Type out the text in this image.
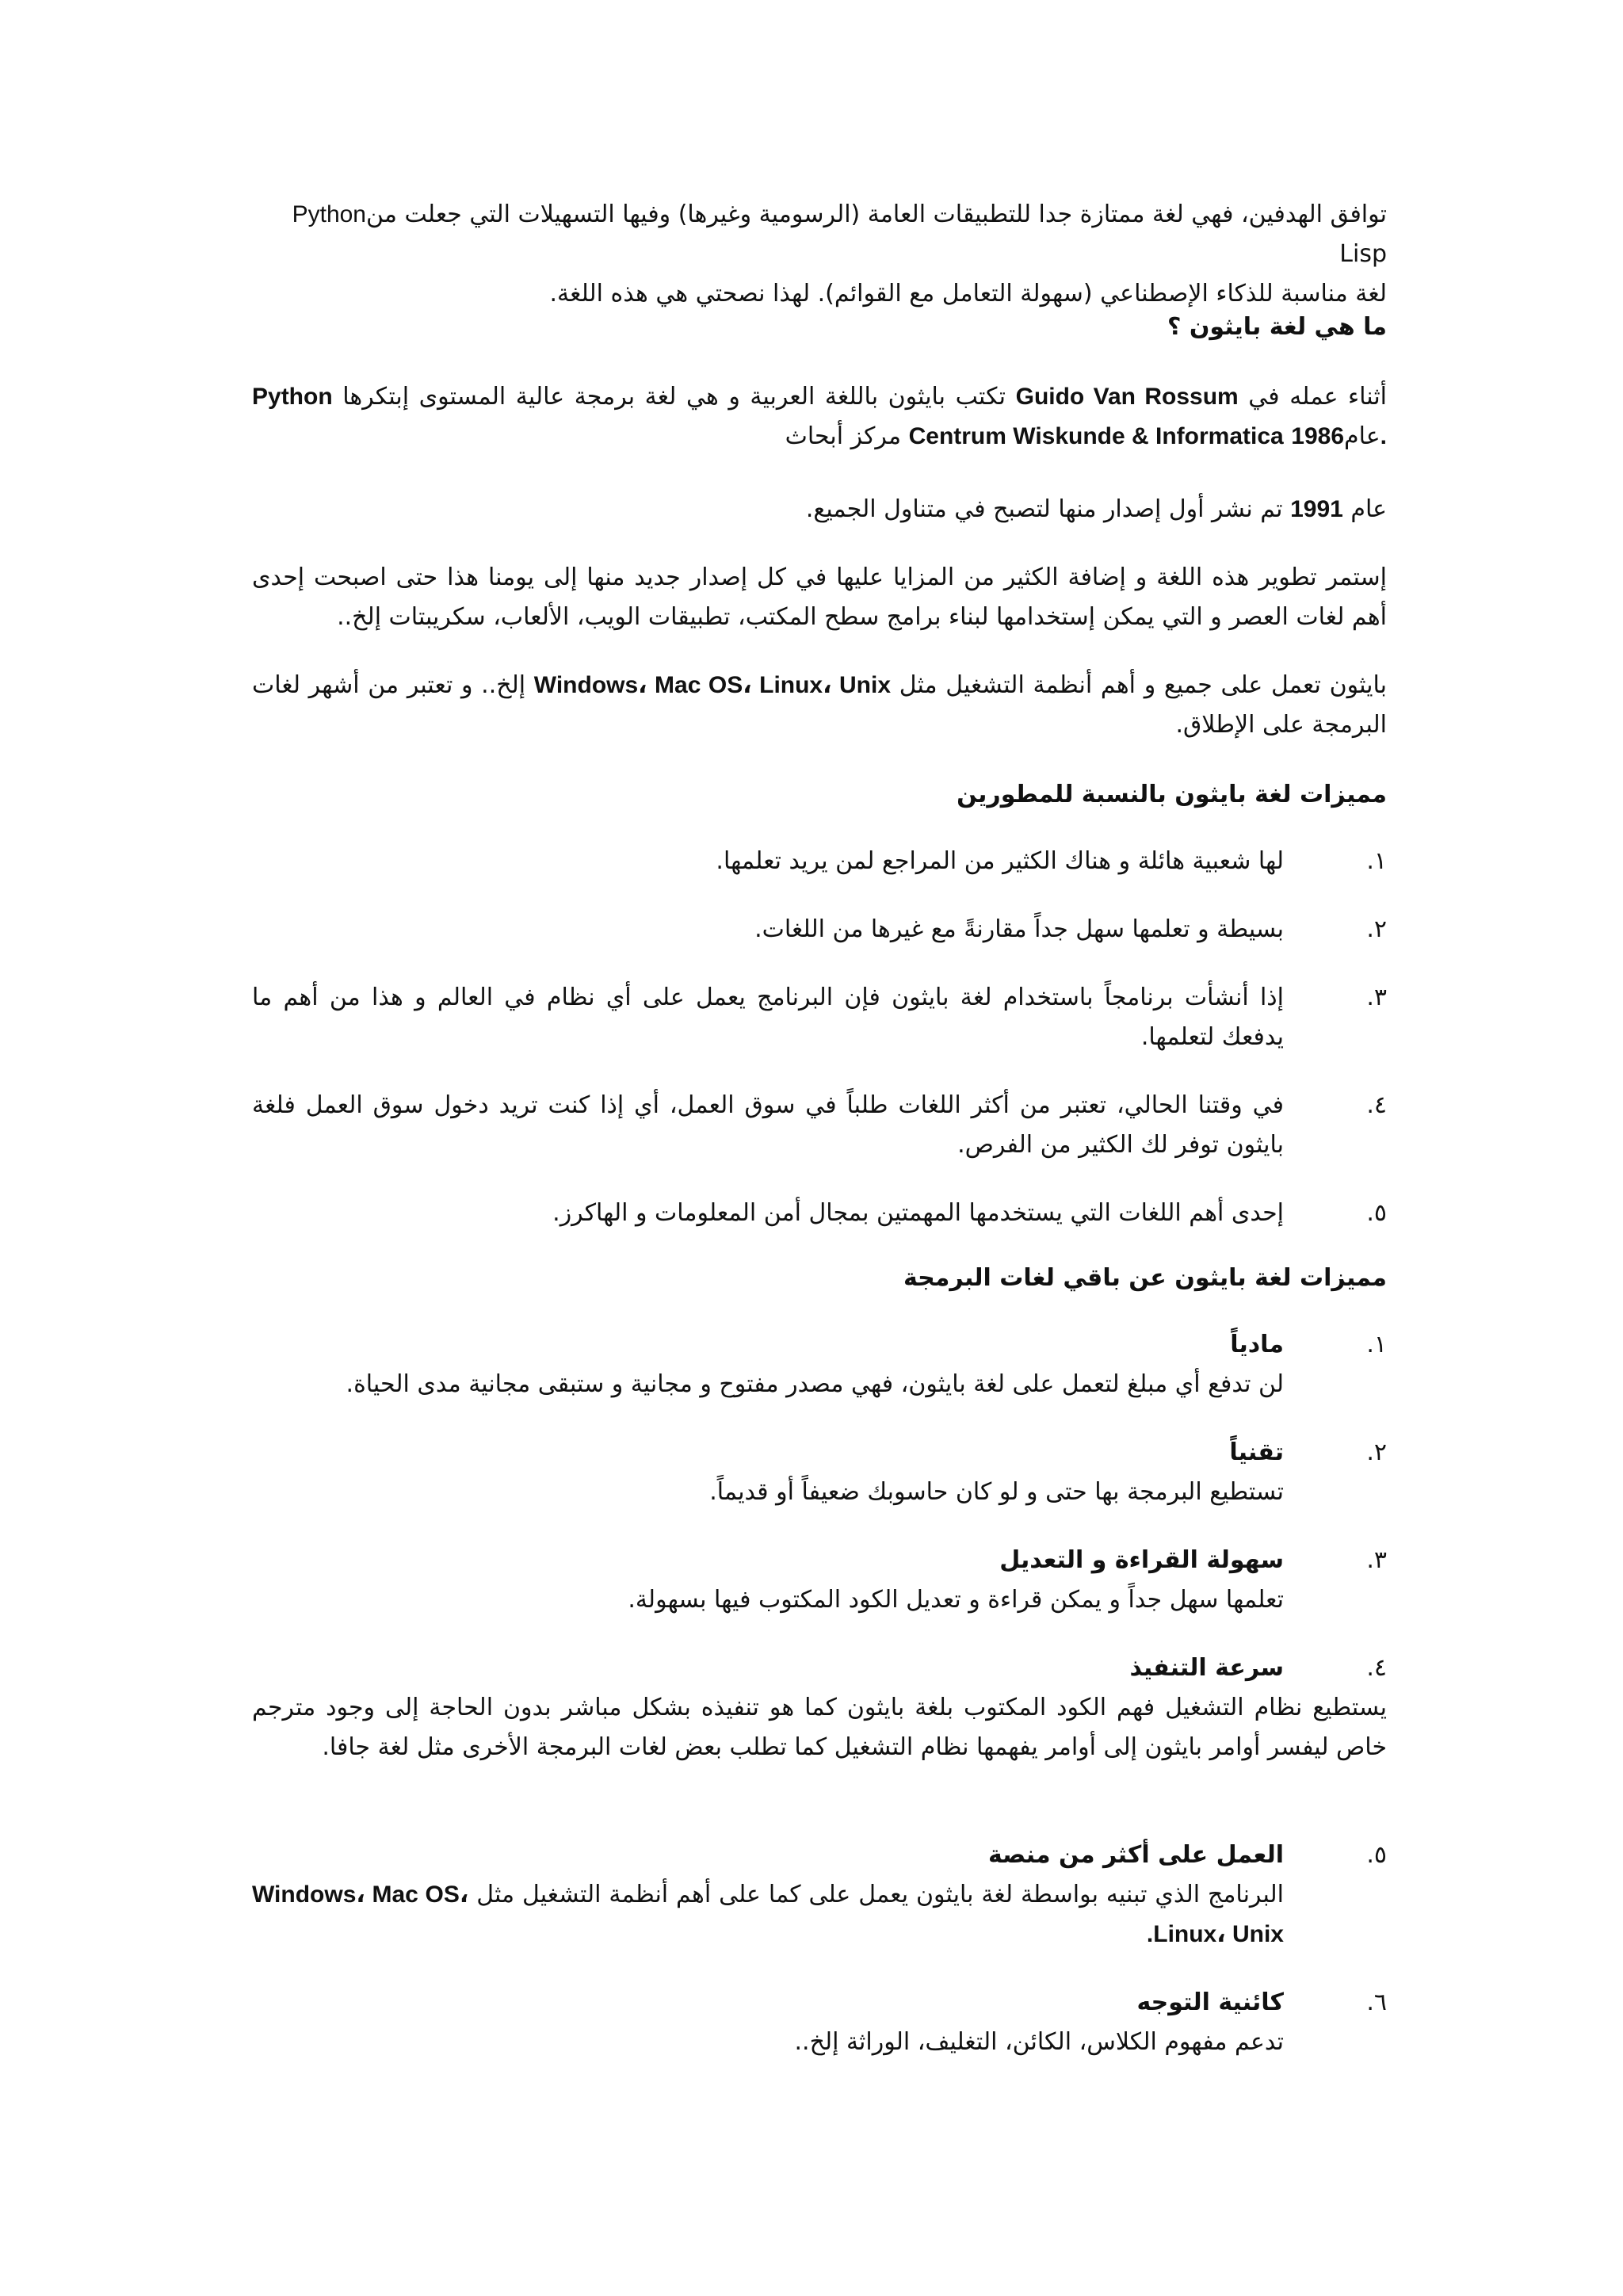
Pythonتوافق الهدفين، فهي لغة ممتازة جدا للتطبيقات العامة (الرسومية وغيرها) وفيها التسهيلات التي جعلت من Lisp
لغة مناسبة للذكاء الإصطناعي (سهولة التعامل مع القوائم). لهذا نصحتي هي هذه اللغة.
ما هي لغة بايثون ؟
Python تكتب بايثون باللغة العربية و هي لغة برمجة عالية المستوى إبتكرها Guido Van Rossum أثناء عمله في مركز أبحاث Centrum Wiskunde & Informatica	عام1986.
عام 1991 تم نشر أول إصدار منها لتصبح في متناول الجميع.
إستمر تطوير هذه اللغة و إضافة الكثير من المزايا عليها في كل إصدار جديد منها إلى يومنا هذا حتى اصبحت إحدى أهم لغات العصر و التي يمكن إستخدامها لبناء برامج سطح المكتب، تطبيقات الويب، الألعاب، سكريبتات إلخ..
بايثون تعمل على جميع و أهم أنظمة التشغيل مثل Windows، Mac OS، Linux، Unix إلخ.. و تعتبر من أشهر لغات البرمجة على الإطلاق.
مميزات لغة بايثون بالنسبة للمطورين
١.
لها شعبية هائلة و هناك الكثير من المراجع لمن يريد تعلمها.
٢.
بسيطة و تعلمها سهل جداً مقارنةً مع غيرها من اللغات.
٣.
إذا أنشأت برنامجاً باستخدام لغة بايثون فإن البرنامج يعمل على أي نظام في العالم و هذا من أهم ما يدفعك لتعلمها.
٤.
في وقتنا الحالي، تعتبر من أكثر اللغات طلباً في سوق العمل، أي إذا كنت تريد دخول سوق العمل فلغة بايثون توفر لك الكثير من الفرص.
٥.
إحدى أهم اللغات التي يستخدمها المهمتين بمجال أمن المعلومات و الهاكرز.
مميزات لغة بايثون عن باقي لغات البرمجة
١.
مادياً
لن تدفع أي مبلغ لتعمل على لغة بايثون، فهي مصدر مفتوح و مجانية و ستبقى مجانية مدى الحياة.
٢.
تقنياً
تستطيع البرمجة بها حتى و لو كان حاسوبك ضعيفاً أو قديماً.
٣.
سهولة القراءة و التعديل
تعلمها سهل جداً و يمكن قراءة و تعديل الكود المكتوب فيها بسهولة.
٤.
سرعة التنفيذ
يستطيع نظام التشغيل فهم الكود المكتوب بلغة بايثون كما هو تنفيذه بشكل مباشر بدون الحاجة إلى وجود مترجم خاص ليفسر أوامر بايثون إلى أوامر يفهمها نظام التشغيل كما تطلب بعض لغات البرمجة الأخرى مثل لغة جافا.
٥.
العمل على أكثر من منصة
البرنامج الذي تبنيه بواسطة لغة بايثون يعمل على كما على أهم أنظمة التشغيل مثل Windows، Mac OS، Linux، Unix.
٦.
كائنية التوجه
تدعم مفهوم الكلاس، الكائن، التغليف، الوراثة إلخ..
